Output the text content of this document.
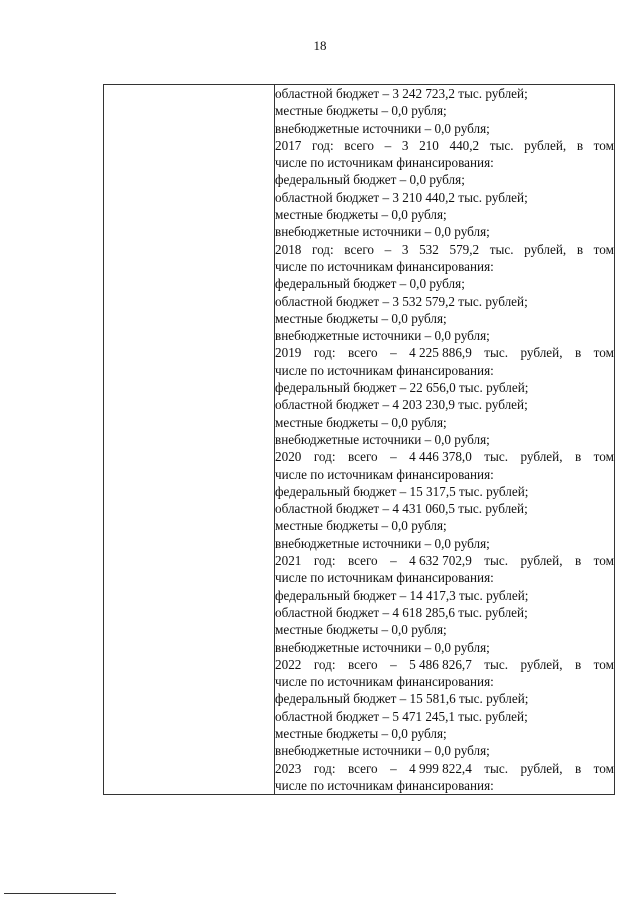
18

областной бюджет – 3 242 723,2 тыс. рублей;
местные бюджеты – 0,0 рубля;
внебюджетные источники – 0,0 рубля;
2017 год: всего – 3 210 440,2 тыс. рублей, в том
числе по источникам финансирования:
федеральный бюджет – 0,0 рубля;
областной бюджет – 3 210 440,2 тыс. рублей;
местные бюджеты – 0,0 рубля;
внебюджетные источники – 0,0 рубля;
2018 год: всего – 3 532 579,2 тыс. рублей, в том
числе по источникам финансирования:
федеральный бюджет – 0,0 рубля;
областной бюджет – 3 532 579,2 тыс. рублей;
местные бюджеты – 0,0 рубля;
внебюджетные источники – 0,0 рубля;
2019 год: всего – 4 225 886,9 тыс. рублей, в том
числе по источникам финансирования:
федеральный бюджет – 22 656,0 тыс. рублей;
областной бюджет – 4 203 230,9 тыс. рублей;
местные бюджеты – 0,0 рубля;
внебюджетные источники – 0,0 рубля;
2020 год: всего – 4 446 378,0 тыс. рублей, в том
числе по источникам финансирования:
федеральный бюджет – 15 317,5 тыс. рублей;
областной бюджет – 4 431 060,5 тыс. рублей;
местные бюджеты – 0,0 рубля;
внебюджетные источники – 0,0 рубля;
2021 год: всего – 4 632 702,9 тыс. рублей, в том
числе по источникам финансирования:
федеральный бюджет – 14 417,3 тыс. рублей;
областной бюджет – 4 618 285,6 тыс. рублей;
местные бюджеты – 0,0 рубля;
внебюджетные источники – 0,0 рубля;
2022 год: всего – 5 486 826,7 тыс. рублей, в том
числе по источникам финансирования:
федеральный бюджет – 15 581,6 тыс. рублей;
областной бюджет – 5 471 245,1 тыс. рублей;
местные бюджеты – 0,0 рубля;
внебюджетные источники – 0,0 рубля;
2023 год: всего – 4 999 822,4 тыс. рублей, в том
числе по источникам финансирования:
